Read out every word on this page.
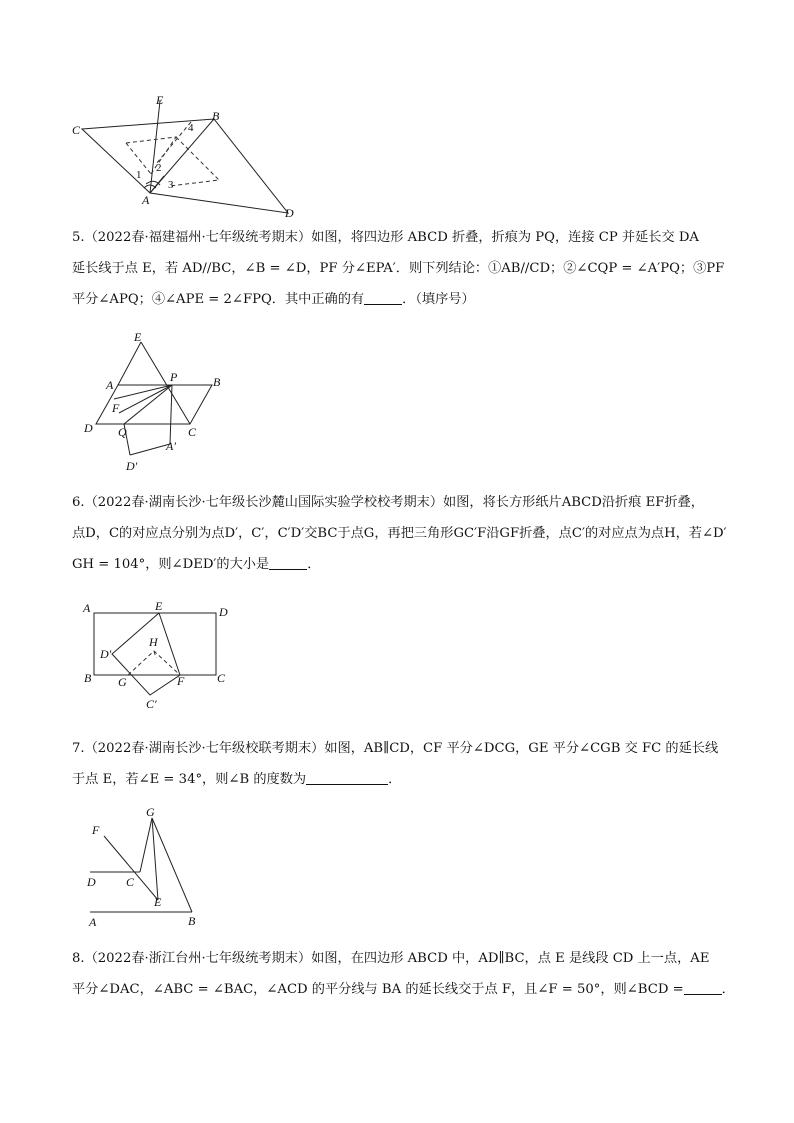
C
E
B
A
D
1
2
3
4

5.（2022春·福建福州·七年级统考期末）如图，将四边形 ABCD 折叠，折痕为 PQ，连接 CP 并延长交 DA

延长线于点 E，若 AD//BC，∠B = ∠D，PF 分∠EPA′．则下列结论：①AB//CD；②∠CQP = ∠A′PQ；③PF

平分∠APQ；④∠APE = 2∠FPQ．其中正确的有	．（填序号）

E
A
P	B
F
D Q	C
A′
D′

6.（2022春·湖南长沙·七年级长沙麓山国际实验学校校考期末）如图，将长方形纸片ABCD沿折痕 EF折叠，

点D，C的对应点分别为点D′，C′，C′D′交BC于点G，再把三角形GC′F沿GF折叠，点C′的对应点为点H，若∠D′

GH = 104°，则∠DED′的大小是	．

A	E	D
H
D′
B G	F	C
C′

7.（2022春·湖南长沙·七年级校联考期末）如图，AB∥CD，CF 平分∠DCG，GE 平分∠CGB 交 FC 的延长线

于点 E，若∠E = 34°，则∠B 的度数为	．

G
F
D	C
E
A	B

8.（2022春·浙江台州·七年级统考期末）如图，在四边形 ABCD 中，AD∥BC，点 E 是线段 CD 上一点，AE

平分∠DAC，∠ABC = ∠BAC，∠ACD 的平分线与 BA 的延长线交于点 F，且∠F = 50°，则∠BCD =	．
